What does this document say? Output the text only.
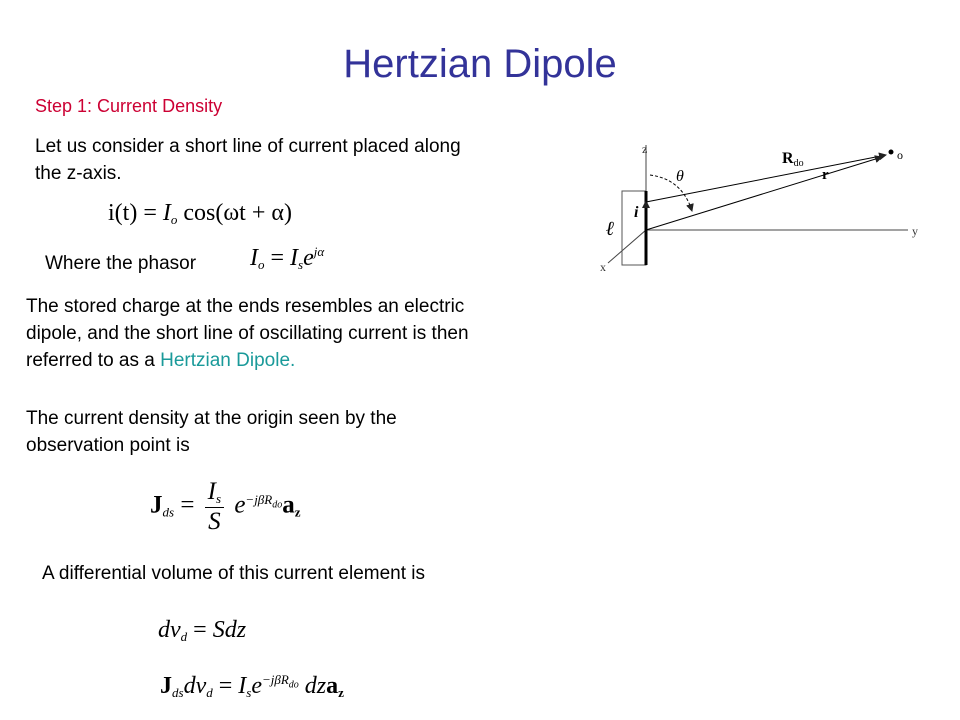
Hertzian Dipole
Step 1: Current Density
Let us consider a short line of current placed along
the z-axis.
$i(t) = I_o$ cos(ωt + α)
Where the phasor $I_o = I_se^{j\alpha}$
The stored charge at the ends resembles an electric
dipole, and the short line of oscillating current is then
referred to as a Hertzian Dipole.
The current density at the origin seen by the
observation point is
$J_{ds} = \frac{I_s}{S} e^{-j\beta R_{do}}a_z$
A differential volume of this current element is
$dv_d$ = Sdz
$J_{ds}dv_d = I_se^{-j\beta R_{do}}$ dza$_z$
z
y
x
i
ℓ
o
Rdo
r
θ
